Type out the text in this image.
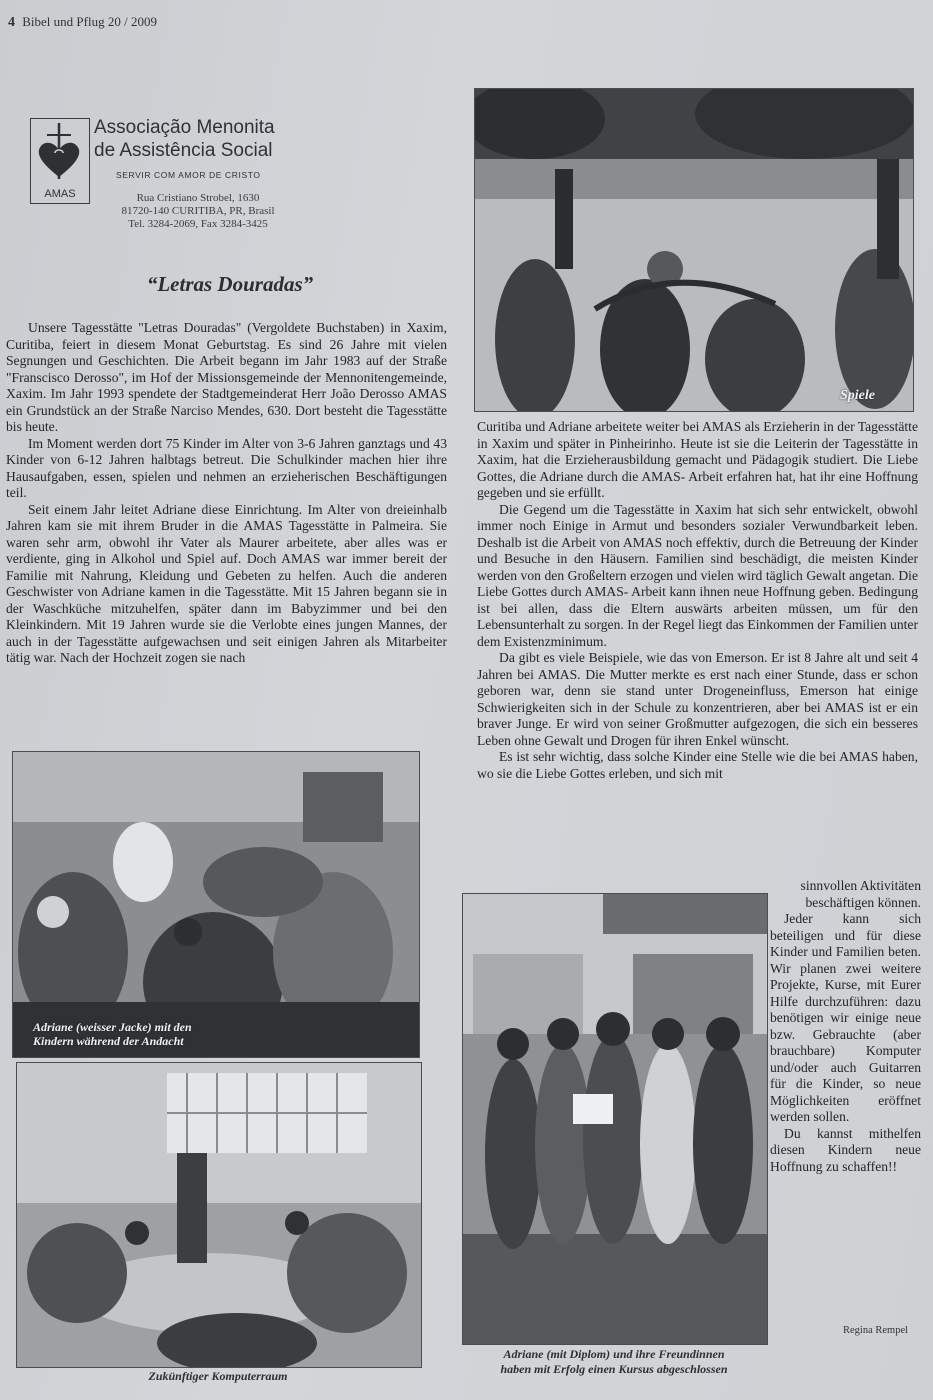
4 Bibel und Pflug 20 / 2009
AMAS
Associação Menonita
de Assistência Social
SERVIR COM AMOR DE CRISTO
Rua Cristiano Strobel, 1630
81720-140 CURITIBA, PR, Brasil
Tel. 3284-2069, Fax 3284-3425
“Letras Douradas”

Unsere Tagesstätte "Letras Douradas" (Vergoldete Buchstaben) in Xaxim, Curitiba, feiert in diesem Monat Geburtstag. Es sind 26 Jahre mit vielen Segnungen und Geschichten. Die Arbeit begann im Jahr 1983 auf der Straße "Franscisco Derosso", im Hof der Missionsgemeinde der Mennonitengemeinde, Xaxim. Im Jahr 1993 spendete der Stadtgemeinderat Herr João Derosso AMAS ein Grundstück an der Straße Narciso Mendes, 630. Dort besteht die Tagesstätte bis heute.

Im Moment werden dort 75 Kinder im Alter von 3-6 Jahren ganztags und 43 Kinder von 6-12 Jahren halbtags betreut. Die Schulkinder machen hier ihre Hausaufgaben, essen, spielen und nehmen an erzieherischen Beschäftigungen teil.

Seit einem Jahr leitet Adriane diese Einrichtung. Im Alter von dreieinhalb Jahren kam sie mit ihrem Bruder in die AMAS Tagesstätte in Palmeira. Sie waren sehr arm, obwohl ihr Vater als Maurer arbeitete, aber alles was er verdiente, ging in Alkohol und Spiel auf. Doch AMAS war immer bereit der Familie mit Nahrung, Kleidung und Gebeten zu helfen. Auch die anderen Geschwister von Adriane kamen in die Tagesstätte. Mit 15 Jahren begann sie in der Waschküche mitzuhelfen, später dann im Babyzimmer und bei den Kleinkindern. Mit 19 Jahren wurde sie die Verlobte eines jungen Mannes, der auch in der Tagesstätte aufgewachsen und seit einigen Jahren als Mitarbeiter tätig war. Nach der Hochzeit zogen sie nach

Curitiba und Adriane arbeitete weiter bei AMAS als Erzieherin in der Tagesstätte in Xaxim und später in Pinheirinho. Heute ist sie die Leiterin der Tagesstätte in Xaxim, hat die Erzieherausbildung gemacht und Pädagogik studiert. Die Liebe Gottes, die Adriane durch die AMAS- Arbeit erfahren hat, hat ihr eine Hoffnung gegeben und sie erfüllt.

Die Gegend um die Tagesstätte in Xaxim hat sich sehr entwickelt, obwohl immer noch Einige in Armut und besonders sozialer Verwundbarkeit leben. Deshalb ist die Arbeit von AMAS noch effektiv, durch die Betreuung der Kinder und Besuche in den Häusern. Familien sind beschädigt, die meisten Kinder werden von den Großeltern erzogen und vielen wird täglich Gewalt angetan. Die Liebe Gottes durch AMAS- Arbeit kann ihnen neue Hoffnung geben. Bedingung ist bei allen, dass die Eltern auswärts arbeiten müssen, um für den Lebensunterhalt zu sorgen. In der Regel liegt das Einkommen der Familien unter dem Existenzminimum.

Da gibt es viele Beispiele, wie das von Emerson. Er ist 8 Jahre alt und seit 4 Jahren bei AMAS. Die Mutter merkte es erst nach einer Stunde, dass er schon geboren war, denn sie stand unter Drogeneinfluss, Emerson hat einige Schwierigkeiten sich in der Schule zu konzentrieren, aber bei AMAS ist er ein braver Junge. Er wird von seiner Großmutter aufgezogen, die sich ein besseres Leben ohne Gewalt und Drogen für ihren Enkel wünscht.

Es ist sehr wichtig, dass solche Kinder eine Stelle wie die bei AMAS haben, wo sie die Liebe Gottes erleben, und sich mit

sinnvollen Aktivitäten beschäftigen können.

Jeder kann sich beteiligen und für diese Kinder und Familien beten. Wir planen zwei weitere Projekte, Kurse, mit Eurer Hilfe durchzuführen: dazu benötigen wir einige neue bzw. Gebrauchte (aber brauchbare) Komputer und/oder auch Guitarren für die Kinder, so neue Möglichkeiten eröffnet werden sollen.

Du kannst mithelfen diesen Kindern neue Hoffnung zu schaffen!!

Regina Rempel
Spiele
Adriane (weisser Jacke) mit den
Kindern während der Andacht
Zukünftiger Komputerraum
Adriane (mit Diplom) und ihre Freundinnen
haben mit Erfolg einen Kursus abgeschlossen
